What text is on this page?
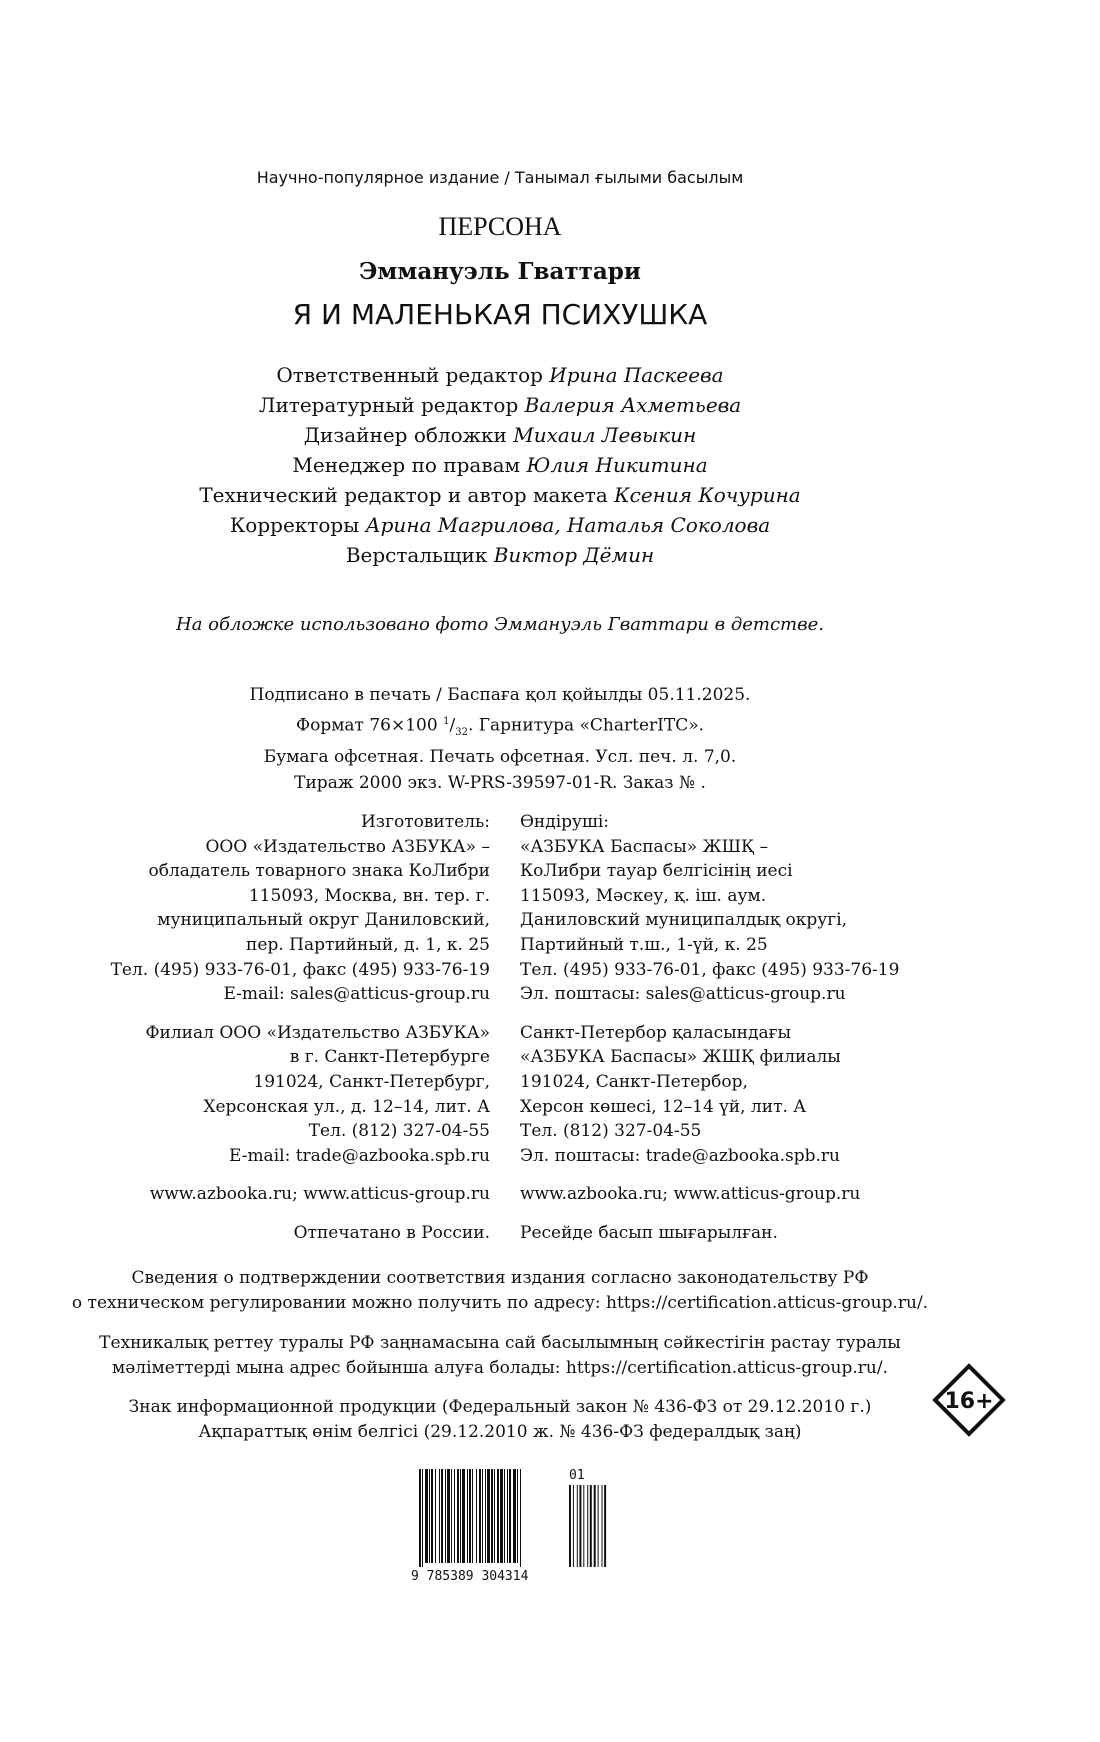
Научно-популярное издание / Танымал ғылыми басылым
ПЕРСОНА
Эммануэль Гваттари
Я И МАЛЕНЬКАЯ ПСИХУШКА
Ответственный редактор Ирина Паскеева
Литературный редактор Валерия Ахметьева
Дизайнер обложки Михаил Левыкин
Менеджер по правам Юлия Никитина
Технический редактор и автор макета Ксения Кочурина
Корректоры Арина Магрилова, Наталья Соколова
Верстальщик Виктор Дёмин
На обложке использовано фото Эммануэль Гваттари в детстве.
Подписано в печать / Баспаға қол қойылды 05.11.2025.
Формат 76×100 $^1/_{32}$. Гарнитура «CharterITC».
Бумага офсетная. Печать офсетная. Усл. печ. л. 7,0.
Тираж 2000 экз. W-PRS-39597-01-R. Заказ № .
Изготовитель:
ООО «Издательство АЗБУКА» –
обладатель товарного знака КоЛибри
115093, Москва, вн. тер. г.
муниципальный округ Даниловский,
пер. Партийный, д. 1, к. 25
Тел. (495) 933-76-01, факс (495) 933-76-19
E-mail: sales@atticus-group.ru
Филиал ООО «Издательство АЗБУКА»
в г. Санкт-Петербурге
191024, Санкт-Петербург,
Херсонская ул., д. 12–14, лит. А
Тел. (812) 327-04-55
E-mail: trade@azbooka.spb.ru
www.azbooka.ru; www.atticus-group.ru
Отпечатано в России.
Өндіруші:
«АЗБУКА Баспасы» ЖШҚ –
КоЛибри тауар белгісінің иесі
115093, Мәскеу, қ. іш. аум.
Даниловский муниципалдық округі,
Партийный т.ш., 1-үй, к. 25
Тел. (495) 933-76-01, факс (495) 933-76-19
Эл. поштасы: sales@atticus-group.ru
Санкт-Петербор қаласындағы
«АЗБУКА Баспасы» ЖШҚ филиалы
191024, Санкт-Петербор,
Херсон көшесі, 12–14 үй, лит. А
Тел. (812) 327-04-55
Эл. поштасы: trade@azbooka.spb.ru
www.azbooka.ru; www.atticus-group.ru
Ресейде басып шығарылған.
Сведения о подтверждении соответствия издания согласно законодательству РФ
о техническом регулировании можно получить по адресу: https://certification.atticus-group.ru/.
Техникалық реттеу туралы РФ заңнамасына сай басылымның сәйкестігін растау туралы
мәліметтерді мына адрес бойынша алуға болады: https://certification.atticus-group.ru/.
Знак информационной продукции (Федеральный закон № 436-ФЗ от 29.12.2010 г.)
Ақпараттық өнім белгісі (29.12.2010 ж. № 436-ФЗ федералдық заң)
16+
9 785389 304314
01
